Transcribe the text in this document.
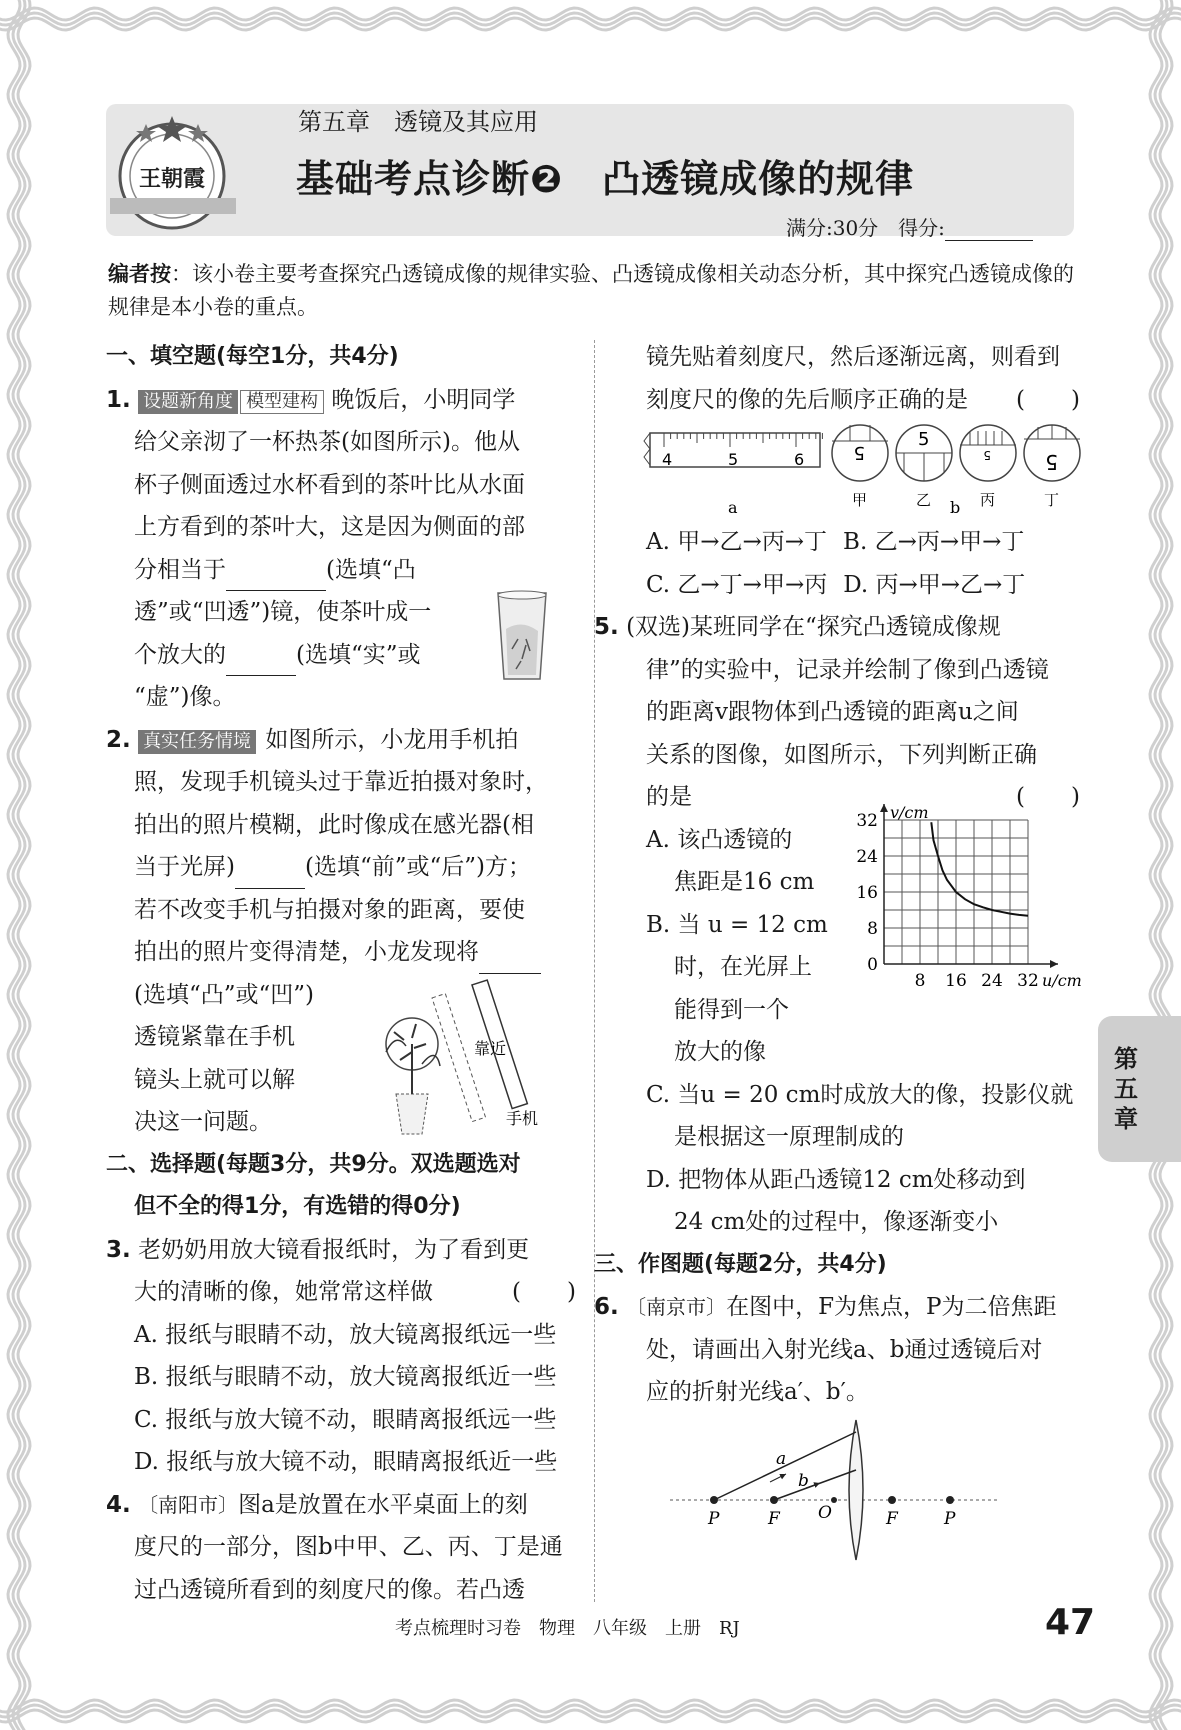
王朝霞
第五章　透镜及其应用
基础考点诊断❷　凸透镜成像的规律
满分:30分　得分:
编者按：该小卷主要考查探究凸透镜成像的规律实验、凸透镜成像相关动态分析，其中探究凸透镜成像的规律是本小卷的重点。
一、填空题(每空1分，共4分)
1. 设题新角度 模型建构 晚饭后，小明同学
给父亲沏了一杯热茶(如图所示)。他从
杯子侧面透过水杯看到的茶叶比从水面
上方看到的茶叶大，这是因为侧面的部
分相当于	(选填“凸
透”或“凹透”)镜，使茶叶成一
个放大的	(选填“实”或
“虚”)像。
2. 真实任务情境 如图所示，小龙用手机拍
照，发现手机镜头过于靠近拍摄对象时，
拍出的照片模糊，此时像成在感光器(相
当于光屏)	(选填“前”或“后”)方；
若不改变手机与拍摄对象的距离，要使
拍出的照片变得清楚，小龙发现将
(选填“凸”或“凹”)
透镜紧靠在手机
镜头上就可以解
决这一问题。
靠近
手机
二、选择题(每题3分，共9分。双选题选对
但不全的得1分，有选错的得0分)
3. 老奶奶用放大镜看报纸时，为了看到更
大的清晰的像，她常常这样做	(　　)
A. 报纸与眼睛不动，放大镜离报纸远一些
B. 报纸与眼睛不动，放大镜离报纸近一些
C. 报纸与放大镜不动，眼睛离报纸远一些
D. 报纸与放大镜不动，眼睛离报纸近一些
4. 〔南阳市〕图a是放置在水平桌面上的刻
度尺的一部分，图b中甲、乙、丙、丁是通
过凸透镜所看到的刻度尺的像。若凸透
镜先贴着刻度尺，然后逐渐远离，则看到
刻度尺的像的先后顺序正确的是 (　　)
4	5	6
a
5
甲
5
乙
5
丙
5
丁
b
A. 甲→乙→丙→丁 B. 乙→丙→甲→丁
C. 乙→丁→甲→丙 D. 丙→甲→乙→丁
5. (双选)某班同学在“探究凸透镜成像规
律”的实验中，记录并绘制了像到凸透镜
的距离v跟物体到凸透镜的距离u之间
关系的图像，如图所示，下列判断正确
的是	(　　)
A. 该凸透镜的
焦距是16 cm
B. 当 u = 12 cm
时，在光屏上
能得到一个
放大的像
C. 当u = 20 cm时成放大的像，投影仪就
是根据这一原理制成的
D. 把物体从距凸透镜12 cm处移动到
24 cm处的过程中，像逐渐变小
8 16 24 32
0
8
16
24
32
u/cm
v/cm
三、作图题(每题2分，共4分)
6. 〔南京市〕在图中，F为焦点，P为二倍焦距
处，请画出入射光线a、b通过透镜后对
应的折射光线a′、b′。
a
b
P	F O	F	P
第
五
章
考点梳理时习卷　物理　八年级　上册　RJ	47
